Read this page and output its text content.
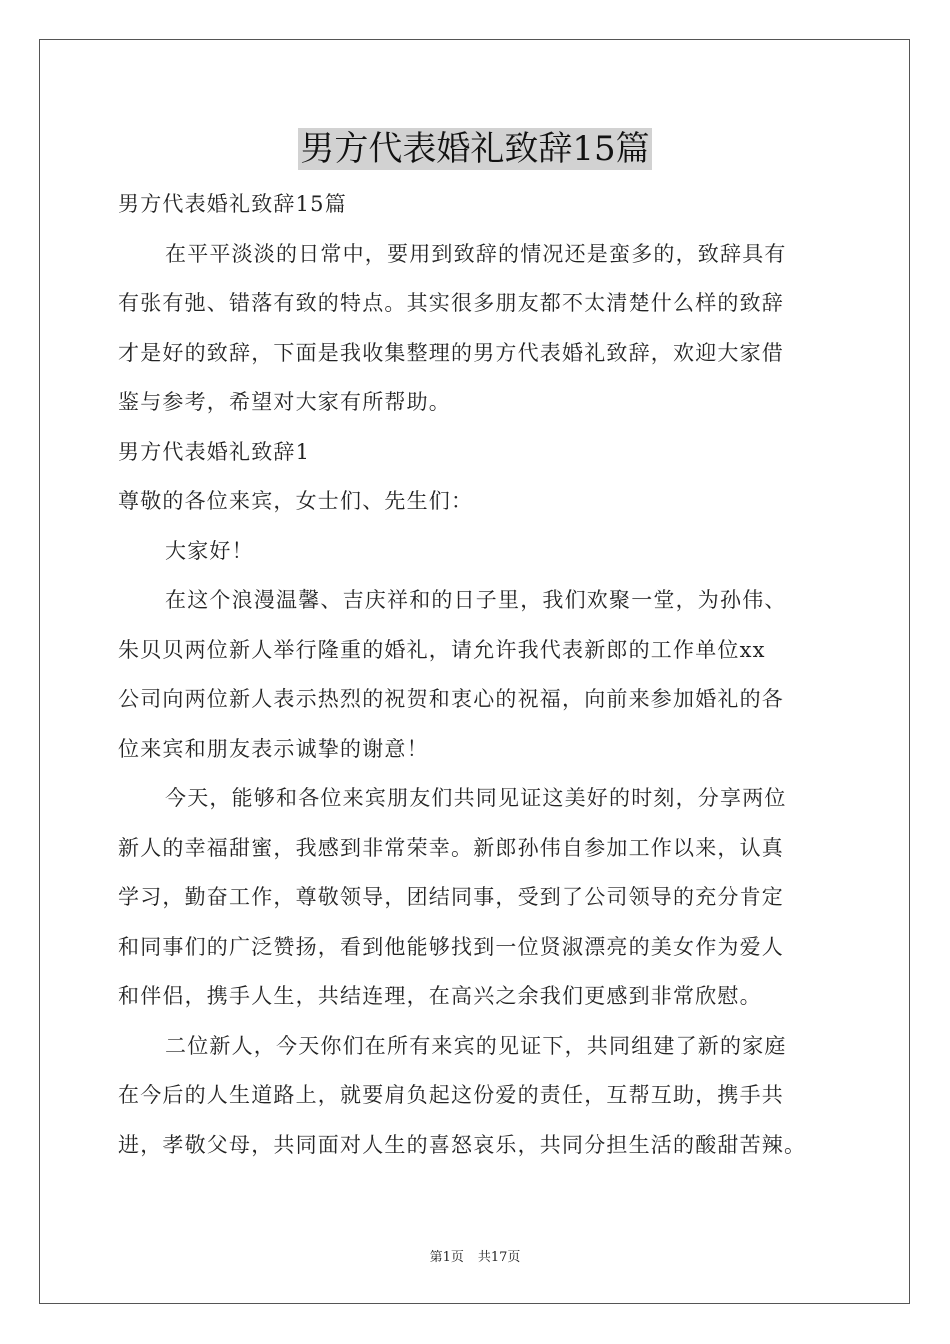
男方代表婚礼致辞15篇

男方代表婚礼致辞15篇

在平平淡淡的日常中，要用到致辞的情况还是蛮多的，致辞具有

有张有弛、错落有致的特点。其实很多朋友都不太清楚什么样的致辞

才是好的致辞，下面是我收集整理的男方代表婚礼致辞，欢迎大家借

鉴与参考，希望对大家有所帮助。

男方代表婚礼致辞1

尊敬的各位来宾，女士们、先生们：

大家好！

在这个浪漫温馨、吉庆祥和的日子里，我们欢聚一堂，为孙伟、

朱贝贝两位新人举行隆重的婚礼，请允许我代表新郎的工作单位xx

公司向两位新人表示热烈的祝贺和衷心的祝福，向前来参加婚礼的各

位来宾和朋友表示诚挚的谢意！

今天，能够和各位来宾朋友们共同见证这美好的时刻，分享两位

新人的幸福甜蜜，我感到非常荣幸。新郎孙伟自参加工作以来，认真

学习，勤奋工作，尊敬领导，团结同事，受到了公司领导的充分肯定

和同事们的广泛赞扬，看到他能够找到一位贤淑漂亮的美女作为爱人

和伴侣，携手人生，共结连理，在高兴之余我们更感到非常欣慰。

二位新人，今天你们在所有来宾的见证下，共同组建了新的家庭

在今后的人生道路上，就要肩负起这份爱的责任，互帮互助，携手共

进，孝敬父母，共同面对人生的喜怒哀乐，共同分担生活的酸甜苦辣。

第1页 共17页
